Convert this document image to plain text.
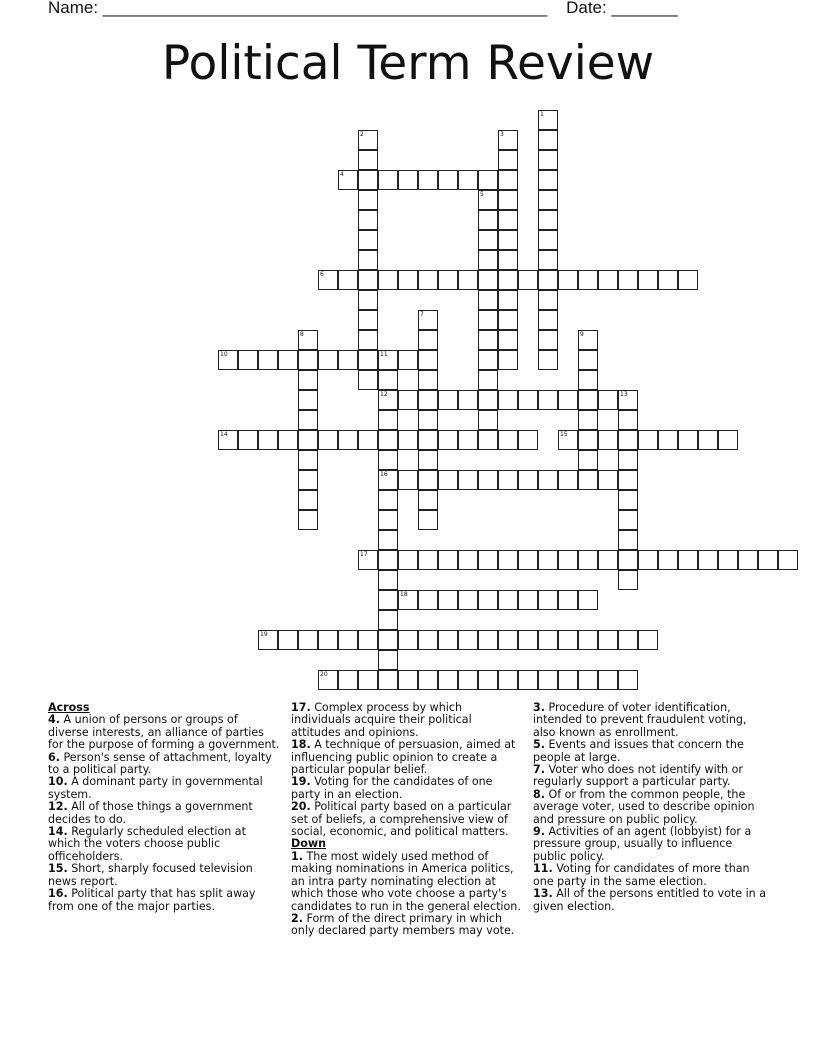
Name: _______________________________________________ Date: _______
Political Term Review
1
2	3
4
5
6
7
8	9
10	11
12
16
13
14	15
17
18
19
20
Across
4. A union of persons or groups of diverse interests, an alliance of parties for the purpose of forming a government.
6. Person's sense of attachment, loyalty to a political party.
10. A dominant party in governmental system.
12. All of those things a government decides to do.
14. Regularly scheduled election at which the voters choose public officeholders.
15. Short, sharply focused television news report.
16. Political party that has split away from one of the major parties.
17. Complex process by which individuals acquire their political attitudes and opinions.
18. A technique of persuasion, aimed at influencing public opinion to create a particular popular belief.
19. Voting for the candidates of one party in an election.
20. Political party based on a particular set of beliefs, a comprehensive view of social, economic, and political matters.
Down
1. The most widely used method of making nominations in America politics, an intra party nominating election at which those who vote choose a party's candidates to run in the general election.
2. Form of the direct primary in which only declared party members may vote.
3. Procedure of voter identification, intended to prevent fraudulent voting, also known as enrollment.
5. Events and issues that concern the people at large.
7. Voter who does not identify with or regularly support a particular party.
8. Of or from the common people, the average voter, used to describe opinion and pressure on public policy.
9. Activities of an agent (lobbyist) for a pressure group, usually to influence public policy.
11. Voting for candidates of more than one party in the same election.
13. All of the persons entitled to vote in a given election.
